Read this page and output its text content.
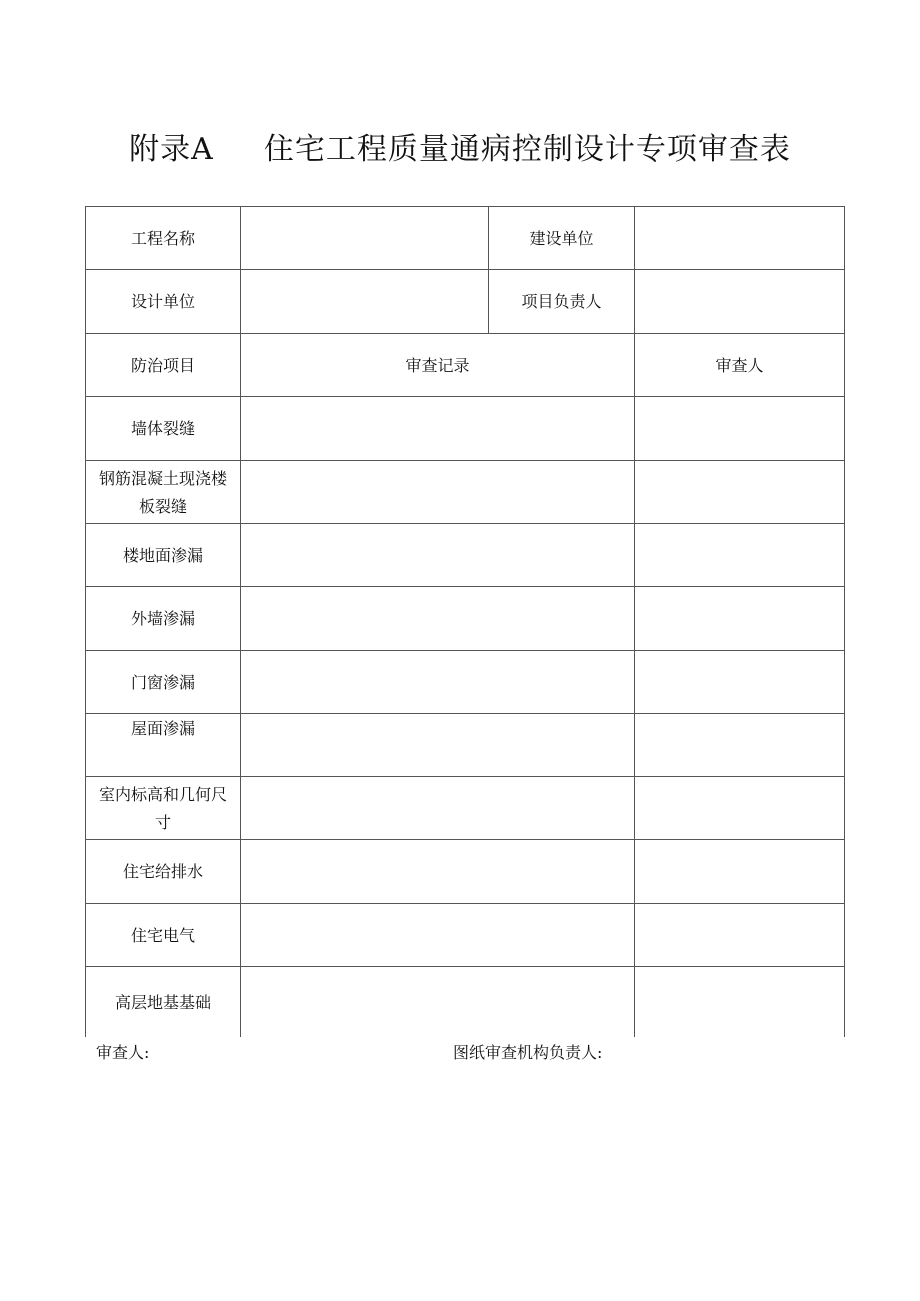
附录A 住宅工程质量通病控制设计专项审查表
工程名称	建设单位
设计单位	项目负责人
防治项目	审查记录	审查人
墙体裂缝
钢筋混凝土现浇楼板裂缝
楼地面渗漏
外墙渗漏
门窗渗漏
屋面渗漏
室内标高和几何尺寸
住宅给排水
住宅电气
高层地基基础
审查人:	图纸审查机构负责人:
